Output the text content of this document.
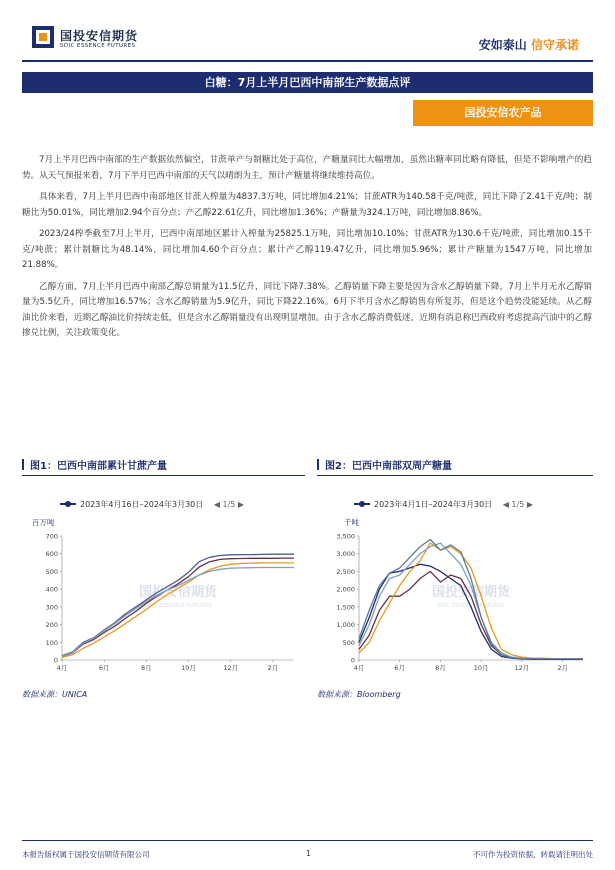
国投安信期货
SDIC ESSENCE FUTURES	安如泰山 信守承诺
白糖：7月上半月巴西中南部生产数据点评
国投安信农产品

7月上半月巴西中南部的生产数据依然偏空，甘蔗单产与制糖比处于高位，产糖量同比大幅增加，虽然出糖率同比略有降低，但是不影响增产的趋势。从天气预报来看，7月下半月巴西中南部的天气以晴朗为主，预计产糖量将继续维持高位。

具体来看，7月上半月巴西中南部地区甘蔗入榨量为4837.3万吨，同比增加4.21%；甘蔗ATR为140.58千克/吨蔗，同比下降了2.41千克/吨；制糖比为50.01%，同比增加2.94个百分点；产乙醇22.61亿升，同比增加1.36%；产糖量为324.1万吨，同比增加8.86%。

2023/24榨季截至7月上半月，巴西中南部地区累计入榨量为25825.1万吨，同比增加10.10%；甘蔗ATR为130.6千克/吨蔗，同比增加0.15千克/吨蔗；累计制糖比为48.14%，同比增加4.60个百分点；累计产乙醇119.47亿升，同比增加5.96%；累计产糖量为1547万吨，同比增加21.88%。

乙醇方面，7月上半月巴西中南部乙醇总销量为11.5亿升，同比下降7.38%。乙醇销量下降主要是因为含水乙醇销量下降，7月上半月无水乙醇销量为5.5亿升，同比增加16.57%；含水乙醇销量为5.9亿升，同比下降22.16%。6月下半月含水乙醇销售有所复苏，但是这个趋势没能延续。从乙醇油比价来看，近期乙醇油比价持续走低，但是含水乙醇销量没有出现明显增加。由于含水乙醇消费低迷，近期有消息称巴西政府考虑提高汽油中的乙醇掺兑比例，关注政策变化。

图1：巴西中南部累计甘蔗产量	图2：巴西中南部双周产糖量
国投安信期货
SDIC ESSENCE FUTURES
0
100
200
300
400
500
600
700
4月	6月	8月	10月	12月	2月
国投安信期货
SDIC ESSENCE FUTURES
0
500
1,000
1,500
2,000
2,500
3,000
3,500
4月	6月	8月	10月	12月	2月
2023年4月16日–2024年3月30日 ◀ 1/5 ▶	2023年4月1日–2024年3月30日 ◀ 1/5 ▶
百万吨	千吨
数据来源：UNICA	数据来源：Bloomberg
本报告版权属于国投安信期货有限公司	1	不可作为投资依据，转载请注明出处
